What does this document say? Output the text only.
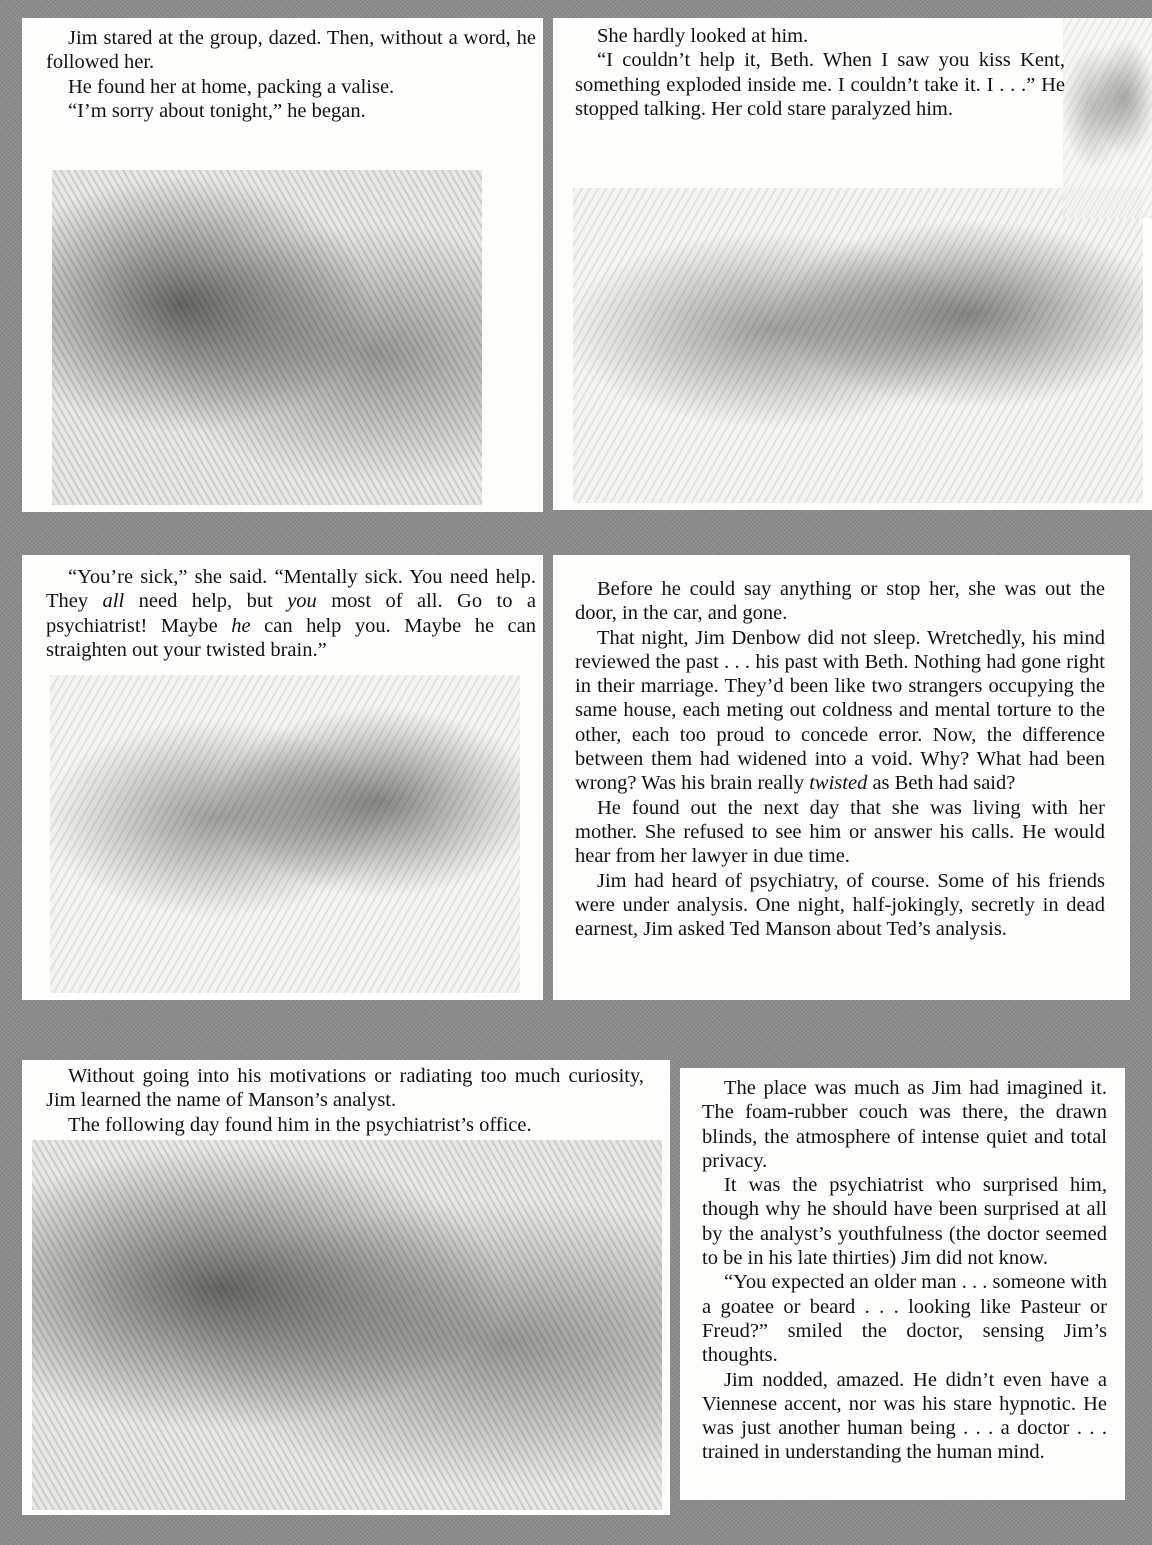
Jim stared at the group, dazed. Then, without a word, he followed her.

He found her at home, packing a valise.

“I’m sorry about tonight,” he began.

She hardly looked at him.

“I couldn’t help it, Beth. When I saw you kiss Kent, something exploded inside me. I couldn’t take it. I . . .” He stopped talking. Her cold stare paralyzed him.

“You’re sick,” she said. “Mentally sick. You need help. They all need help, but you most of all. Go to a psychiatrist! Maybe he can help you. Maybe he can straighten out your twisted brain.”

Before he could say anything or stop her, she was out the door, in the car, and gone.

That night, Jim Denbow did not sleep. Wretchedly, his mind reviewed the past . . . his past with Beth. Nothing had gone right in their marriage. They’d been like two strangers occupying the same house, each meting out coldness and mental torture to the other, each too proud to concede error. Now, the difference between them had widened into a void. Why? What had been wrong? Was his brain really twisted as Beth had said?

He found out the next day that she was living with her mother. She refused to see him or answer his calls. He would hear from her lawyer in due time.

Jim had heard of psychiatry, of course. Some of his friends were under analysis. One night, half-jokingly, secretly in dead earnest, Jim asked Ted Manson about Ted’s analysis.

Without going into his motivations or radiating too much curiosity, Jim learned the name of Manson’s analyst.

The following day found him in the psychiatrist’s office.

The place was much as Jim had imagined it. The foam-rubber couch was there, the drawn blinds, the atmosphere of intense quiet and total privacy.

It was the psychiatrist who surprised him, though why he should have been surprised at all by the analyst’s youthfulness (the doctor seemed to be in his late thirties) Jim did not know.

“You expected an older man . . . someone with a goatee or beard . . . looking like Pasteur or Freud?” smiled the doctor, sensing Jim’s thoughts.

Jim nodded, amazed. He didn’t even have a Viennese accent, nor was his stare hypnotic. He was just another human being . . . a doctor . . . trained in understanding the human mind.
